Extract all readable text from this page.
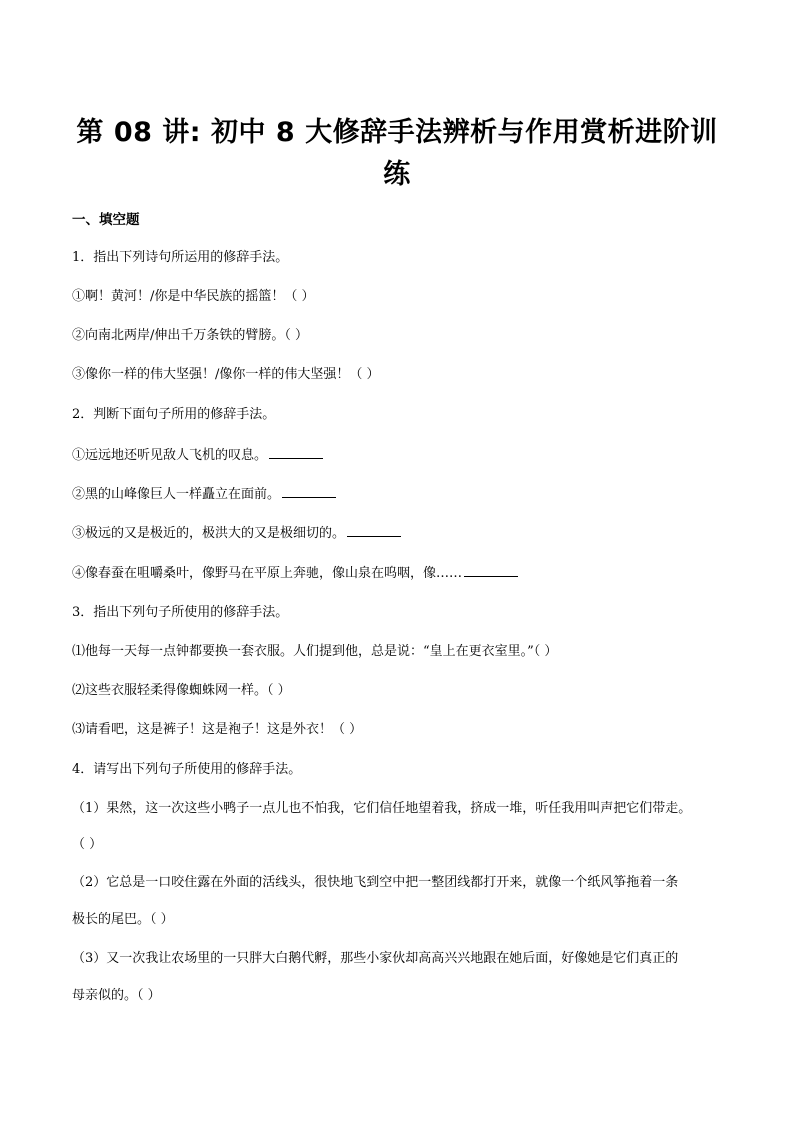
第 08 讲: 初中 8 大修辞手法辨析与作用赏析进阶训
练
一、填空题
1．指出下列诗句所运用的修辞手法。
①啊！黄河！/你是中华民族的摇篮！（ ）
②向南北两岸/伸出千万条铁的臂膀。（ ）
③像你一样的伟大坚强！/像你一样的伟大坚强！（ ）
2．判断下面句子所用的修辞手法。
①远远地还听见敌人飞机的叹息。
②黑的山峰像巨人一样矗立在面前。
③极远的又是极近的，极洪大的又是极细切的。
④像春蚕在咀嚼桑叶，像野马在平原上奔驰，像山泉在呜咽，像……
3．指出下列句子所使用的修辞手法。
⑴他每一天每一点钟都要换一套衣服。人们提到他，总是说：“皇上在更衣室里。”（ ）
⑵这些衣服轻柔得像蜘蛛网一样。（ ）
⑶请看吧，这是裤子！这是袍子！这是外衣！（ ）
4．请写出下列句子所使用的修辞手法。
（1）果然，这一次这些小鸭子一点儿也不怕我，它们信任地望着我，挤成一堆，听任我用叫声把它们带走。
（ ）
（2）它总是一口咬住露在外面的活线头，很快地飞到空中把一整团线都打开来，就像一个纸风筝拖着一条
极长的尾巴。（ ）
（3）又一次我让农场里的一只胖大白鹅代孵，那些小家伙却高高兴兴地跟在她后面，好像她是它们真正的
母亲似的。（ ）
